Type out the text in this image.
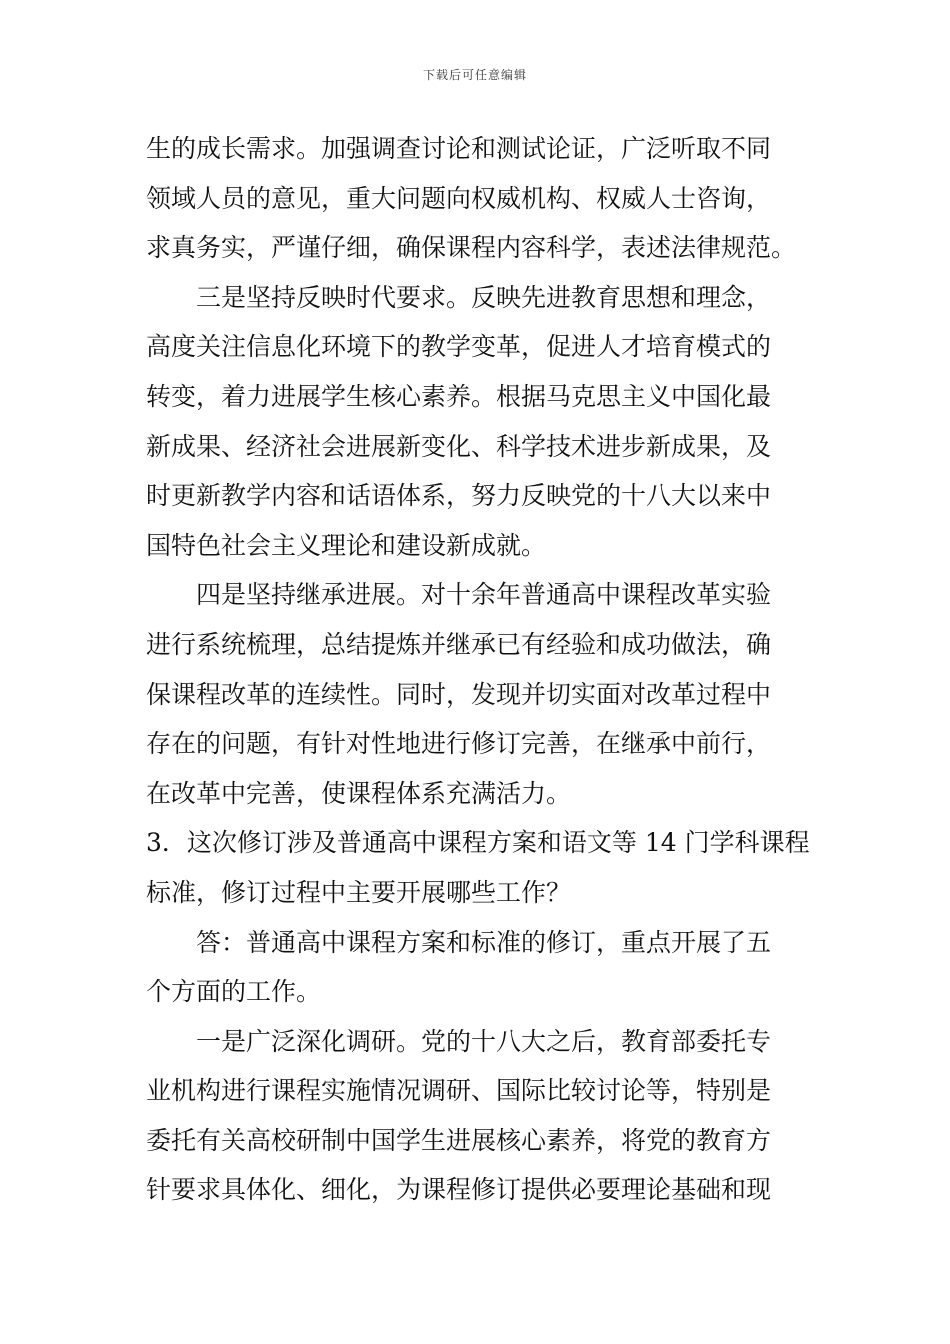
下载后可任意编辑
生的成长需求。加强调查讨论和测试论证，广泛听取不同
领域人员的意见，重大问题向权威机构、权威人士咨询，
求真务实，严谨仔细，确保课程内容科学，表述法律规范。
三是坚持反映时代要求。反映先进教育思想和理念，
高度关注信息化环境下的教学变革，促进人才培育模式的
转变，着力进展学生核心素养。根据马克思主义中国化最
新成果、经济社会进展新变化、科学技术进步新成果，及
时更新教学内容和话语体系，努力反映党的十八大以来中
国特色社会主义理论和建设新成就。
四是坚持继承进展。对十余年普通高中课程改革实验
进行系统梳理，总结提炼并继承已有经验和成功做法，确
保课程改革的连续性。同时，发现并切实面对改革过程中
存在的问题，有针对性地进行修订完善，在继承中前行，
在改革中完善，使课程体系充满活力。
3．这次修订涉及普通高中课程方案和语文等 14 门学科课程
标准，修订过程中主要开展哪些工作？
答：普通高中课程方案和标准的修订，重点开展了五
个方面的工作。
一是广泛深化调研。党的十八大之后，教育部委托专
业机构进行课程实施情况调研、国际比较讨论等，特别是
委托有关高校研制中国学生进展核心素养，将党的教育方
针要求具体化、细化，为课程修订提供必要理论基础和现
